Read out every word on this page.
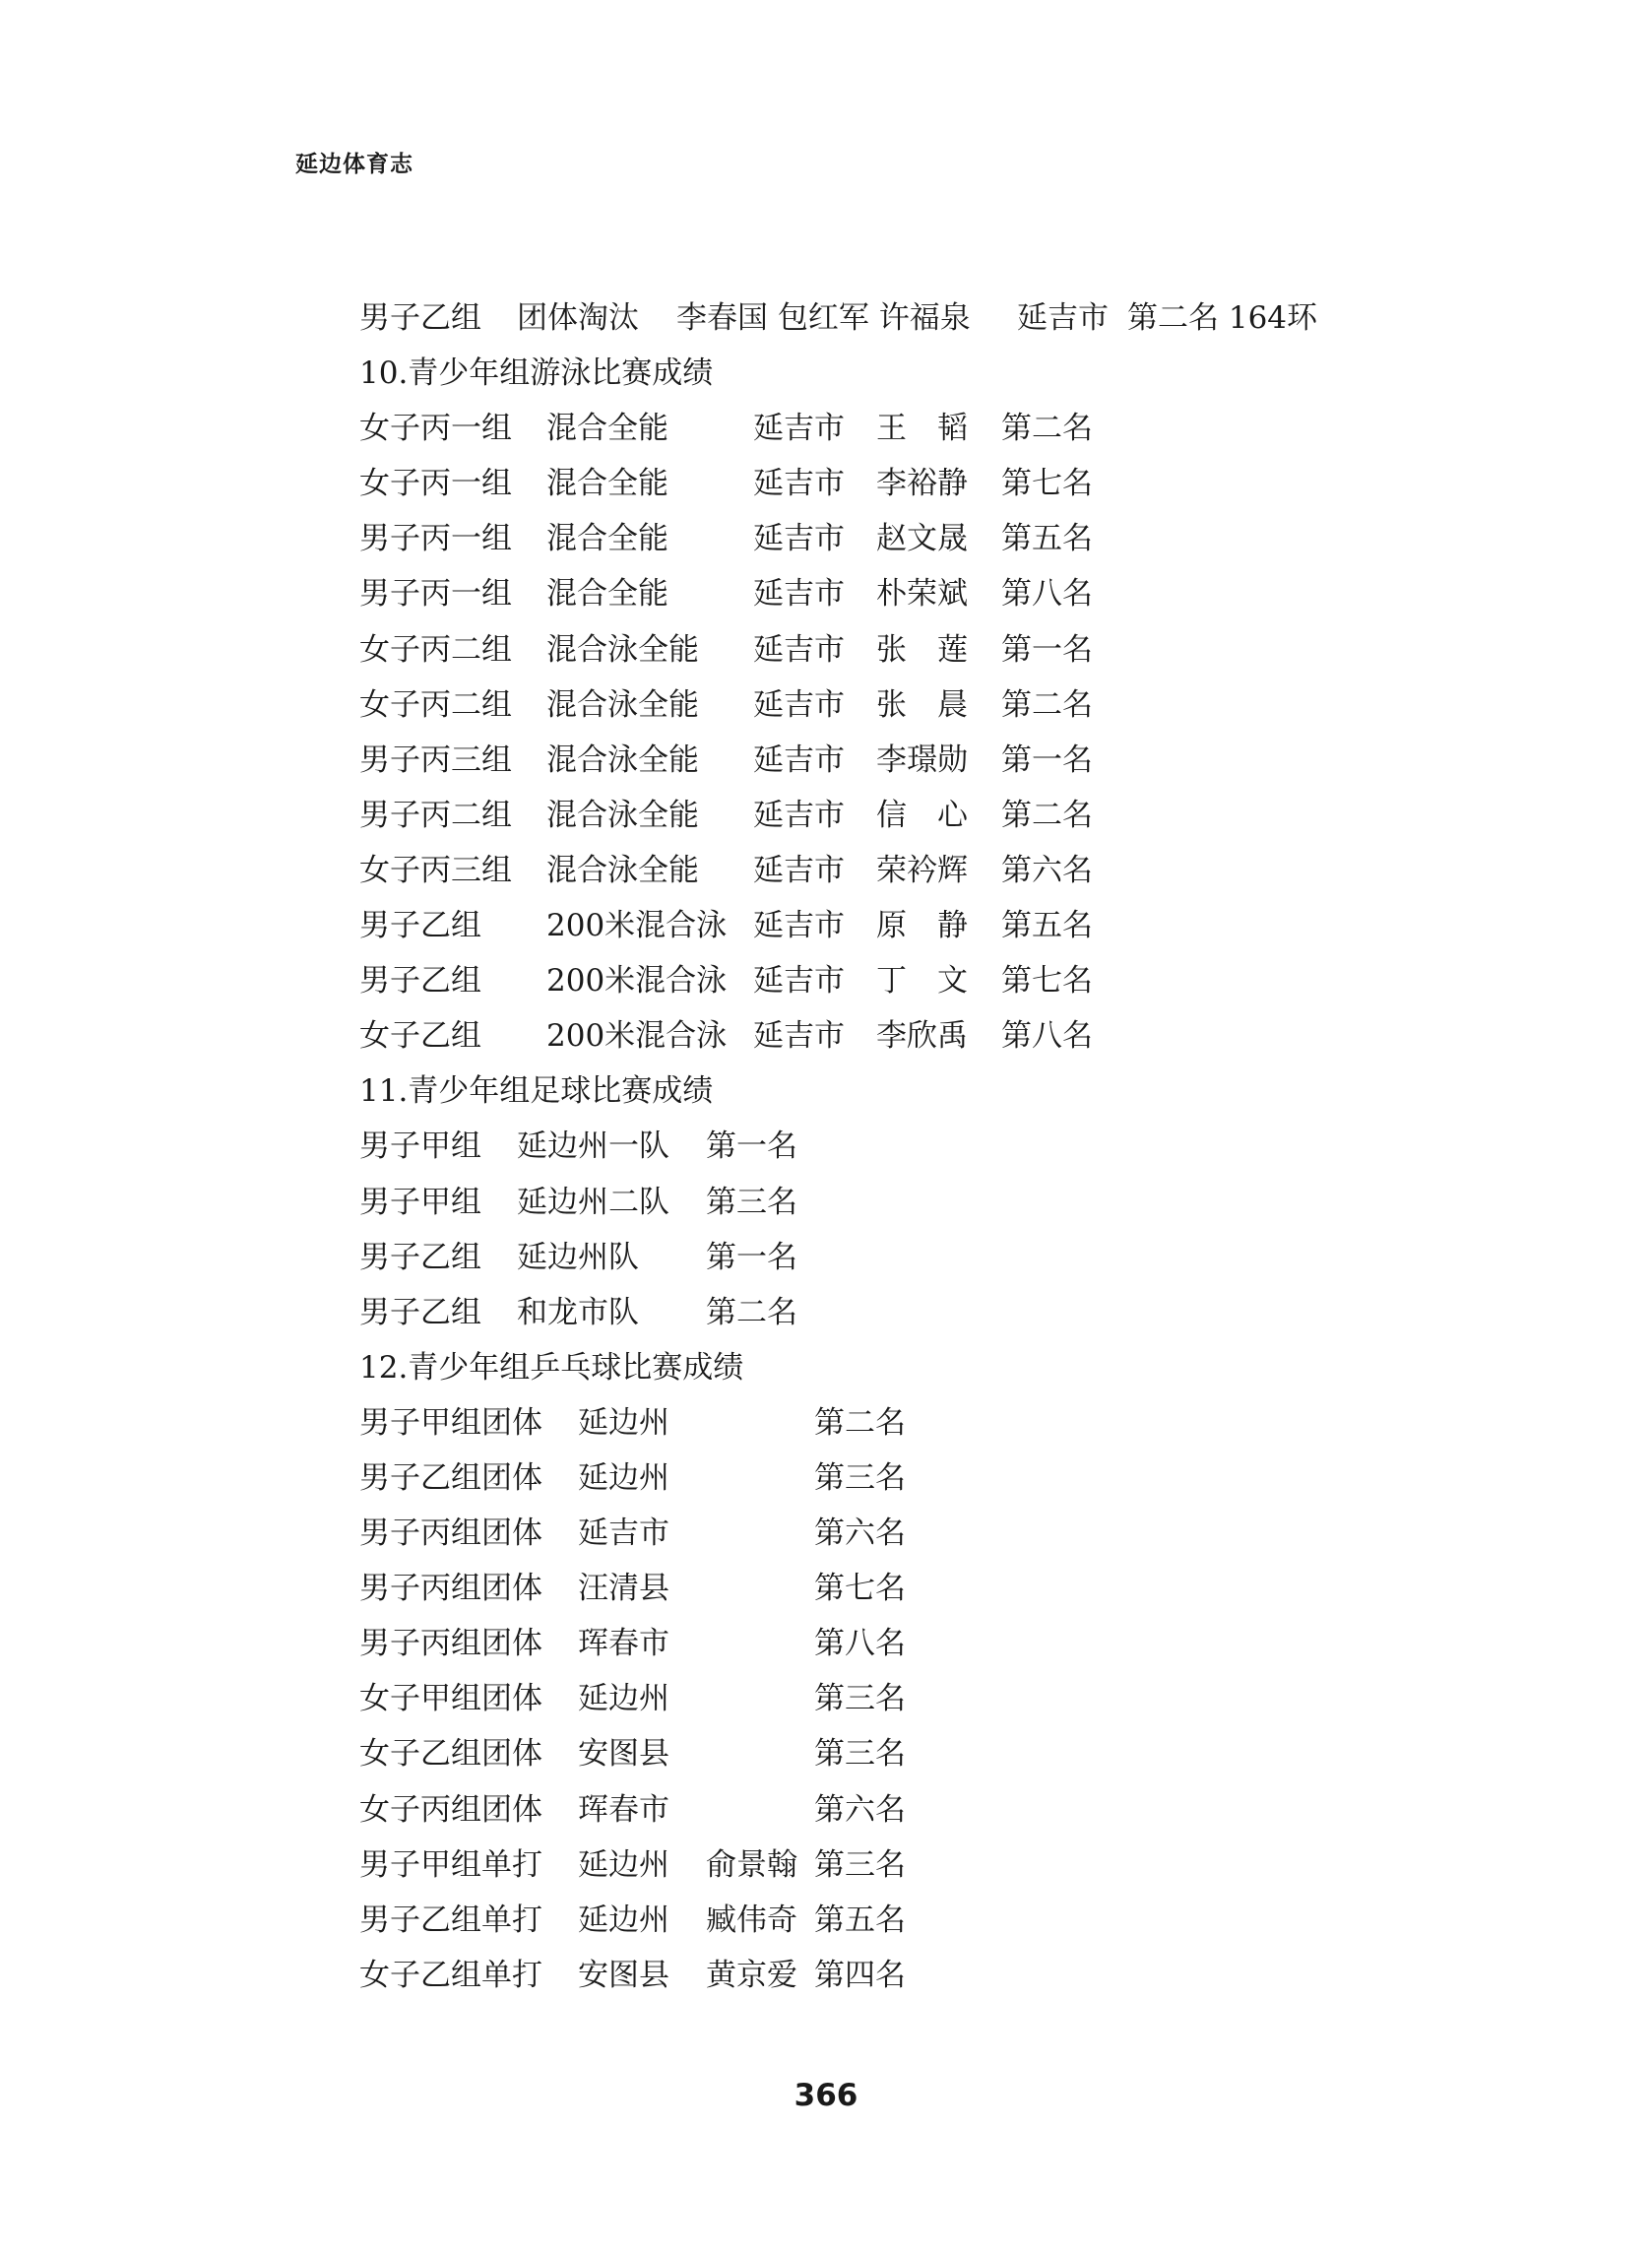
延边体育志
男子乙组 团体淘汰 李春国 包红军 许福泉 延吉市 第二名 164环
10.青少年组游泳比赛成绩
女子丙一组 混合全能	延吉市 王　韬 第二名
女子丙一组 混合全能	延吉市 李裕静 第七名
男子丙一组 混合全能	延吉市 赵文晟 第五名
男子丙一组 混合全能	延吉市 朴荣斌 第八名
女子丙二组 混合泳全能 延吉市 张　莲 第一名
女子丙二组 混合泳全能 延吉市 张　晨 第二名
男子丙三组 混合泳全能 延吉市 李璟勋 第一名
男子丙二组 混合泳全能 延吉市 信　心 第二名
女子丙三组 混合泳全能 延吉市 荣衿辉 第六名
男子乙组 200米混合泳 延吉市 原　静 第五名
男子乙组 200米混合泳 延吉市 丁　文 第七名
女子乙组 200米混合泳 延吉市 李欣禹 第八名
11.青少年组足球比赛成绩
男子甲组 延边州一队 第一名
男子甲组 延边州二队 第三名
男子乙组 延边州队 第一名
男子乙组 和龙市队 第二名
12.青少年组乒乓球比赛成绩
男子甲组团体 延边州	第二名
男子乙组团体 延边州	第三名
男子丙组团体 延吉市	第六名
男子丙组团体 汪清县	第七名
男子丙组团体 珲春市	第八名
女子甲组团体 延边州	第三名
女子乙组团体 安图县	第三名
女子丙组团体 珲春市	第六名
男子甲组单打 延边州 俞景翰 第三名
男子乙组单打 延边州 臧伟奇 第五名
女子乙组单打 安图县 黄京爱 第四名
366
